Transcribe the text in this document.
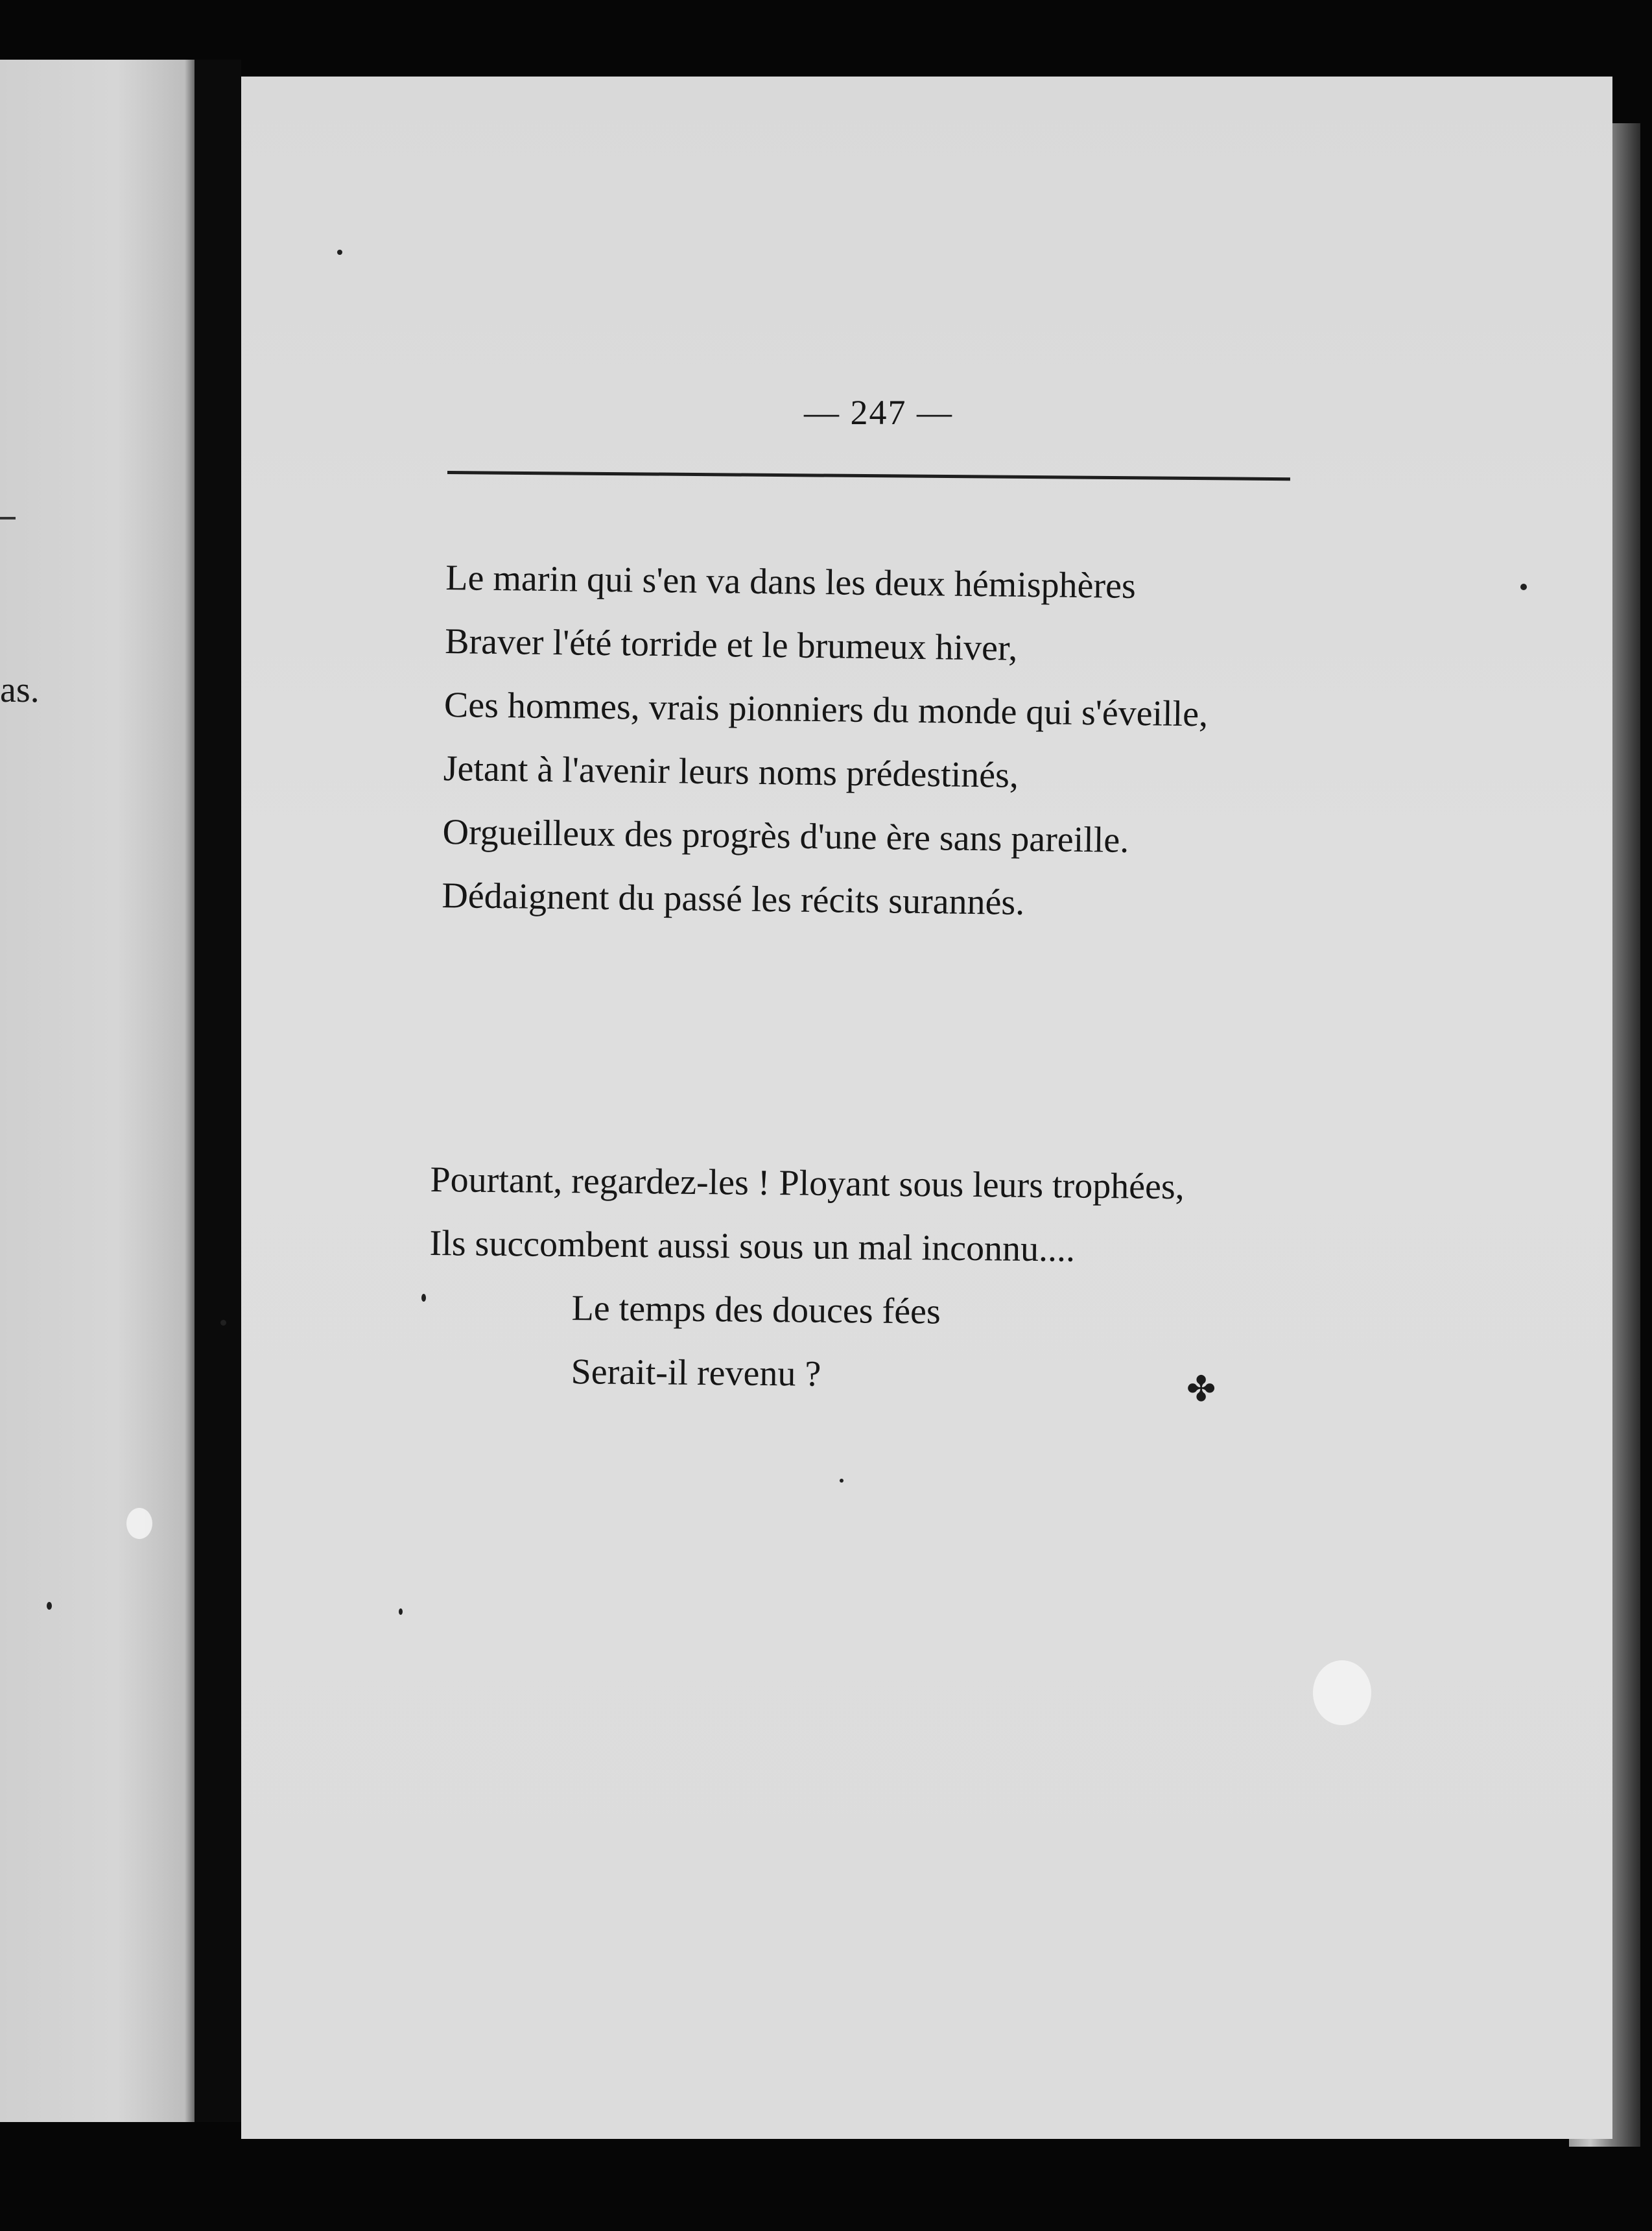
as.
— 247 —
Le marin qui s'en va dans les deux hémisphères
Braver l'été torride et le brumeux hiver,
Ces hommes, vrais pionniers du monde qui s'éveille,
Jetant à l'avenir leurs noms prédestinés,
Orgueilleux des progrès d'une ère sans pareille.
Dédaignent du passé les récits surannés.
Pourtant, regardez-les ! Ployant sous leurs trophées,
Ils succombent aussi sous un mal inconnu....
Le temps des douces fées
Serait-il revenu ?	✤
